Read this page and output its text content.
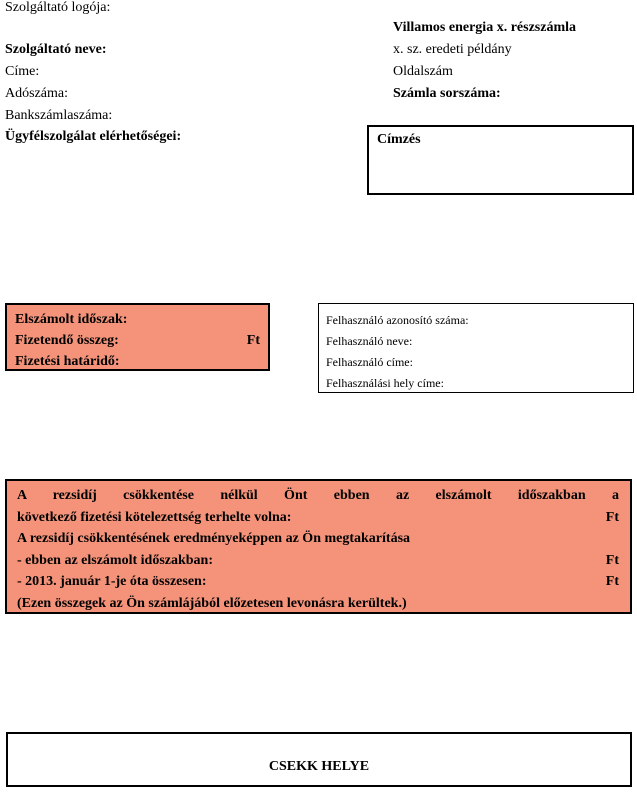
Szolgáltató logója:
Szolgáltató neve:
Címe:
Adószáma:
Bankszámlaszáma:
Ügyfélszolgálat elérhetőségei:
Villamos energia x. részszámla
x. sz. eredeti példány
Oldalszám
Számla sorszáma:
Címzés
Elszámolt időszak:
Fizetendő összeg:	Ft
Fizetési határidő:
Felhasználó azonosító száma:
Felhasználó neve:
Felhasználó címe:
Felhasználási hely címe:
A rezsidíj csökkentése nélkül Önt ebben az elszámolt időszakban a
következő fizetési kötelezettség terhelte volna:	Ft
A rezsidíj csökkentésének eredményeképpen az Ön megtakarítása
- ebben az elszámolt időszakban:	Ft
- 2013. január 1-je óta összesen:	Ft
(Ezen összegek az Ön számlájából előzetesen levonásra kerültek.)
CSEKK HELYE
